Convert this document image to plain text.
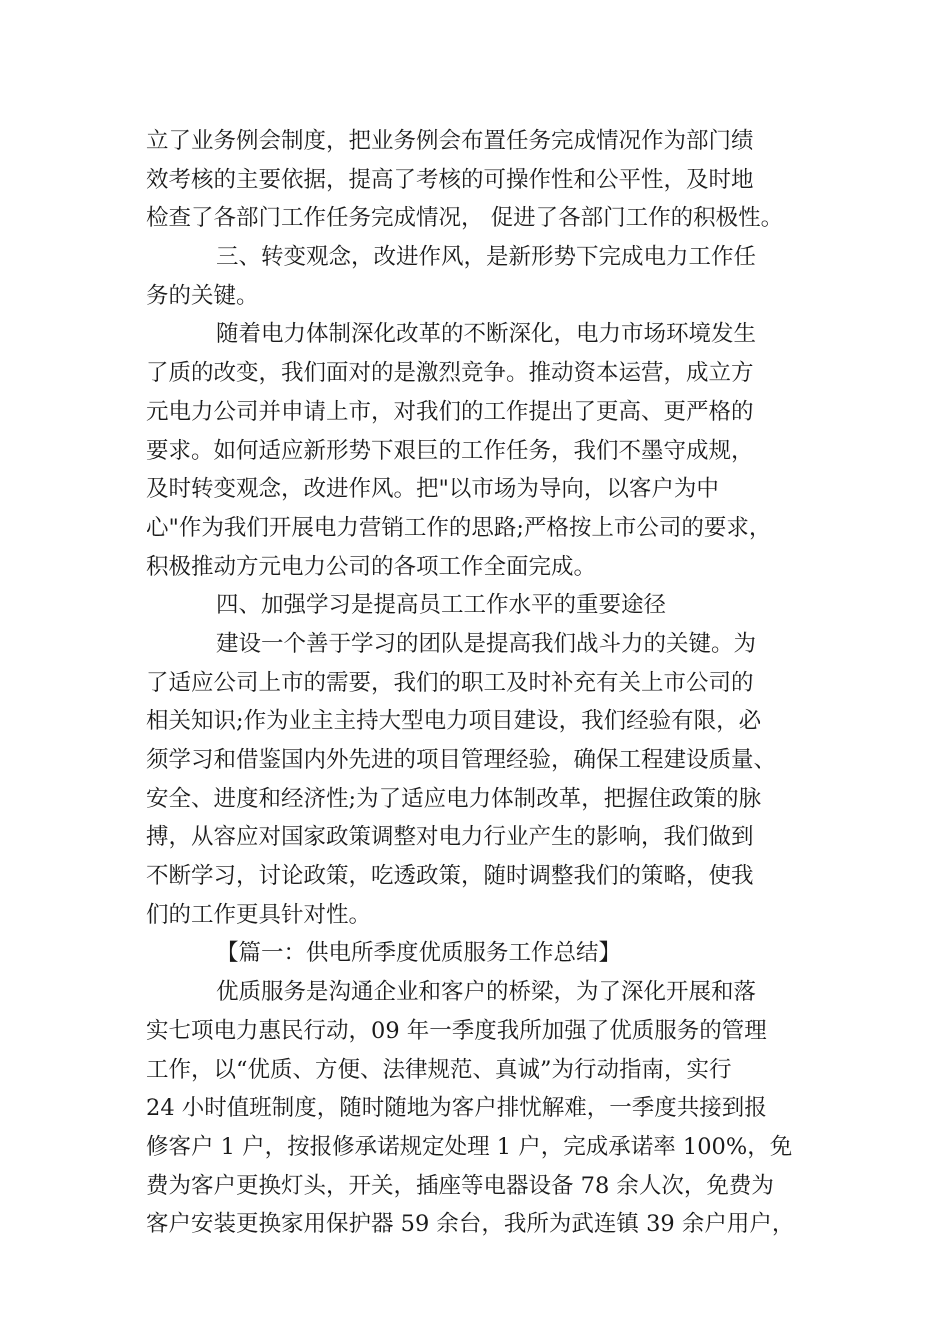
立了业务例会制度，把业务例会布置任务完成情况作为部门绩
效考核的主要依据，提高了考核的可操作性和公平性，及时地
检查了各部门工作任务完成情况， 促进了各部门工作的积极性。
三、转变观念，改进作风，是新形势下完成电力工作任
务的关键。
随着电力体制深化改革的不断深化，电力市场环境发生
了质的改变，我们面对的是激烈竞争。推动资本运营，成立方
元电力公司并申请上市，对我们的工作提出了更高、更严格的
要求。如何适应新形势下艰巨的工作任务，我们不墨守成规，
及时转变观念，改进作风。把"以市场为导向，以客户为中
心"作为我们开展电力营销工作的思路;严格按上市公司的要求，
积极推动方元电力公司的各项工作全面完成。
四、加强学习是提高员工工作水平的重要途径
建设一个善于学习的团队是提高我们战斗力的关键。为
了适应公司上市的需要，我们的职工及时补充有关上市公司的
相关知识;作为业主主持大型电力项目建设，我们经验有限，必
须学习和借鉴国内外先进的项目管理经验，确保工程建设质量、
安全、进度和经济性;为了适应电力体制改革，把握住政策的脉
搏，从容应对国家政策调整对电力行业产生的影响，我们做到
不断学习，讨论政策，吃透政策，随时调整我们的策略，使我
们的工作更具针对性。
【篇一：供电所季度优质服务工作总结】
优质服务是沟通企业和客户的桥梁，为了深化开展和落
实七项电力惠民行动，09 年一季度我所加强了优质服务的管理
工作，以“优质、方便、法律规范、真诚”为行动指南，实行
24 小时值班制度，随时随地为客户排忧解难，一季度共接到报
修客户 1 户，按报修承诺规定处理 1 户，完成承诺率 100%，免
费为客户更换灯头，开关，插座等电器设备 78 余人次，免费为
客户安装更换家用保护器 59 余台，我所为武连镇 39 余户用户，
